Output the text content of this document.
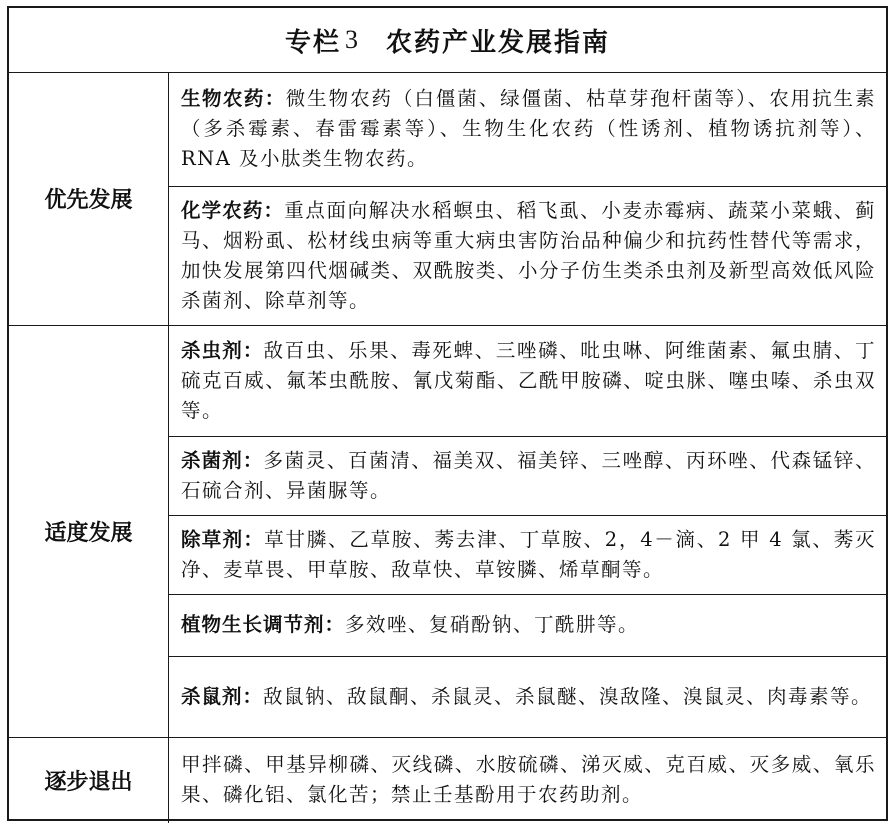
专栏 3 农药产业发展指南
优先发展	生物农药：微生物农药（白僵菌、绿僵菌、枯草芽孢杆菌等）、农用抗生素（多杀霉素、春雷霉素等）、生物生化农药（性诱剂、植物诱抗剂等）、RNA 及小肽类生物农药。
	化学农药：重点面向解决水稻螟虫、稻飞虱、小麦赤霉病、蔬菜小菜蛾、蓟马、烟粉虱、松材线虫病等重大病虫害防治品种偏少和抗药性替代等需求，加快发展第四代烟碱类、双酰胺类、小分子仿生类杀虫剂及新型高效低风险杀菌剂、除草剂等。
适度发展	杀虫剂：敌百虫、乐果、毒死蜱、三唑磷、吡虫啉、阿维菌素、氟虫腈、丁硫克百威、氟苯虫酰胺、氰戊菊酯、乙酰甲胺磷、啶虫脒、噻虫嗪、杀虫双等。
	杀菌剂：多菌灵、百菌清、福美双、福美锌、三唑醇、丙环唑、代森锰锌、石硫合剂、异菌脲等。
	除草剂：草甘膦、乙草胺、莠去津、丁草胺、2，4－滴、2 甲 4 氯、莠灭净、麦草畏、甲草胺、敌草快、草铵膦、烯草酮等。
	植物生长调节剂：多效唑、复硝酚钠、丁酰肼等。
	杀鼠剂：敌鼠钠、敌鼠酮、杀鼠灵、杀鼠醚、溴敌隆、溴鼠灵、肉毒素等。
逐步退出	甲拌磷、甲基异柳磷、灭线磷、水胺硫磷、涕灭威、克百威、灭多威、氧乐果、磷化铝、氯化苦；禁止壬基酚用于农药助剂。
